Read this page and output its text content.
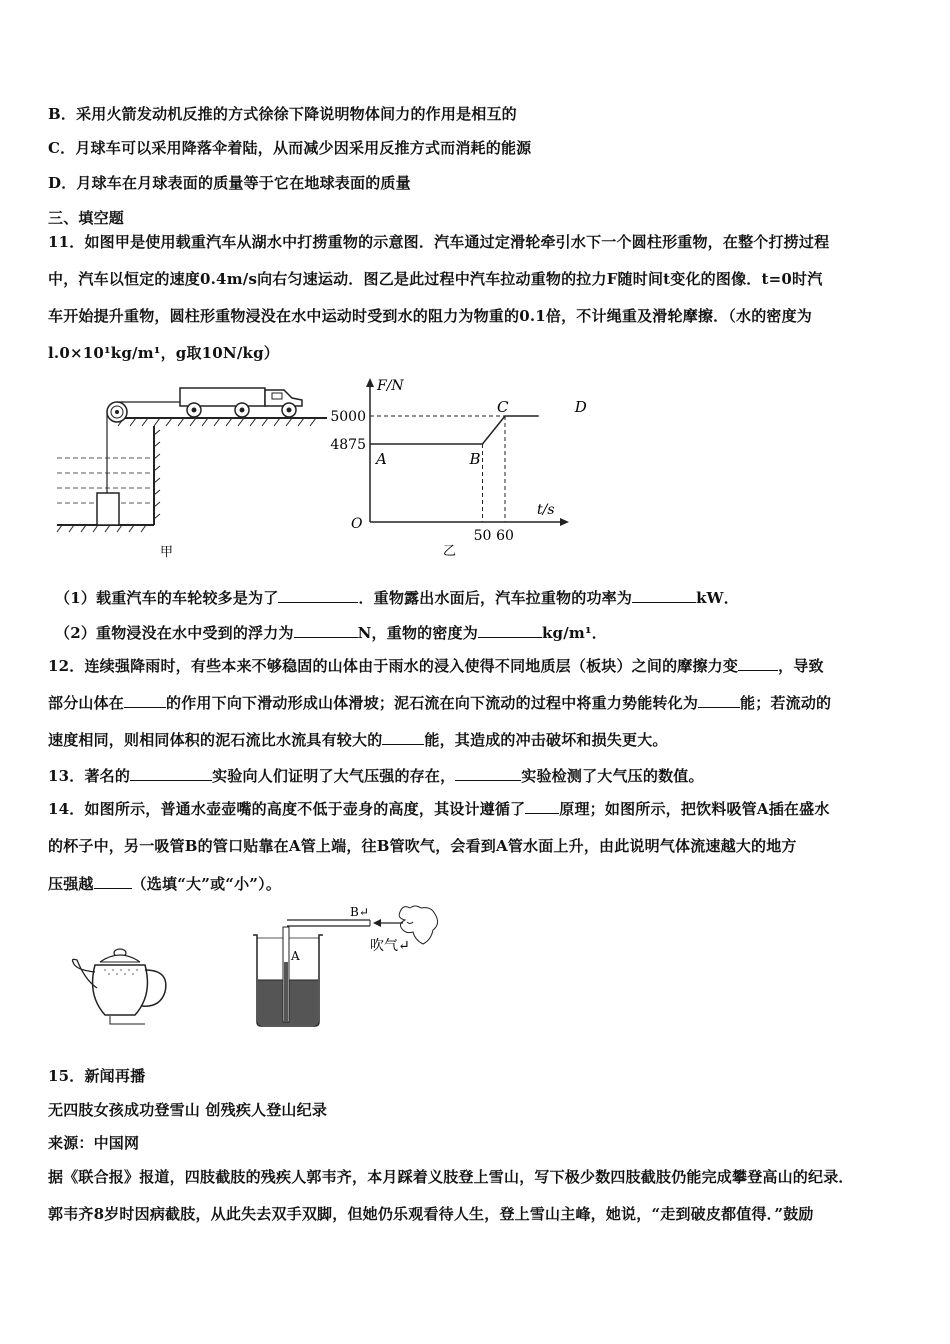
B．采用火箭发动机反推的方式徐徐下降说明物体间力的作用是相互的
C．月球车可以采用降落伞着陆，从而减少因采用反推方式而消耗的能源
D．月球车在月球表面的质量等于它在地球表面的质量
三、填空题
11．如图甲是使用载重汽车从湖水中打捞重物的示意图．汽车通过定滑轮牵引水下一个圆柱形重物，在整个打捞过程
中，汽车以恒定的速度0.4m/s向右匀速运动．图乙是此过程中汽车拉动重物的拉力F随时间t变化的图像．t=0时汽
车开始提升重物，圆柱形重物浸没在水中运动时受到水的阻力为物重的0.1倍，不计绳重及滑轮摩擦．（水的密度为
l.0×10¹kg/m¹，g取10N/kg）
甲
F/N
t/s
O
5000
4875
50 60
A	B
C	D
乙
（1）载重汽车的车轮较多是为了	．重物露出水面后，汽车拉重物的功率为	kW．
（2）重物浸没在水中受到的浮力为	N，重物的密度为	kg/m¹．
12．连续强降雨时，有些本来不够稳固的山体由于雨水的浸入使得不同地质层（板块）之间的摩擦力变	，导致
部分山体在	的作用下向下滑动形成山体滑坡；泥石流在向下流动的过程中将重力势能转化为	能；若流动的
速度相同，则相同体积的泥石流比水流具有较大的	能，其造成的冲击破坏和损失更大。
13．著名的	实验向人们证明了大气压强的存在，	实验检测了大气压的数值。
14．如图所示，普通水壶壶嘴的高度不低于壶身的高度，其设计遵循了 原理；如图所示，把饮料吸管A插在盛水
的杯子中，另一吸管B的管口贴靠在A管上端，往B管吹气，会看到A管水面上升，由此说明气体流速越大的地方
压强越	（选填“大”或“小”）。
A
B↵
吹气↵
15．新闻再播
无四肢女孩成功登雪山 创残疾人登山纪录
来源：中国网
据《联合报》报道，四肢截肢的残疾人郭韦齐，本月踩着义肢登上雪山，写下极少数四肢截肢仍能完成攀登高山的纪录．
郭韦齐8岁时因病截肢，从此失去双手双脚，但她仍乐观看待人生，登上雪山主峰，她说，“走到破皮都值得．”鼓励
